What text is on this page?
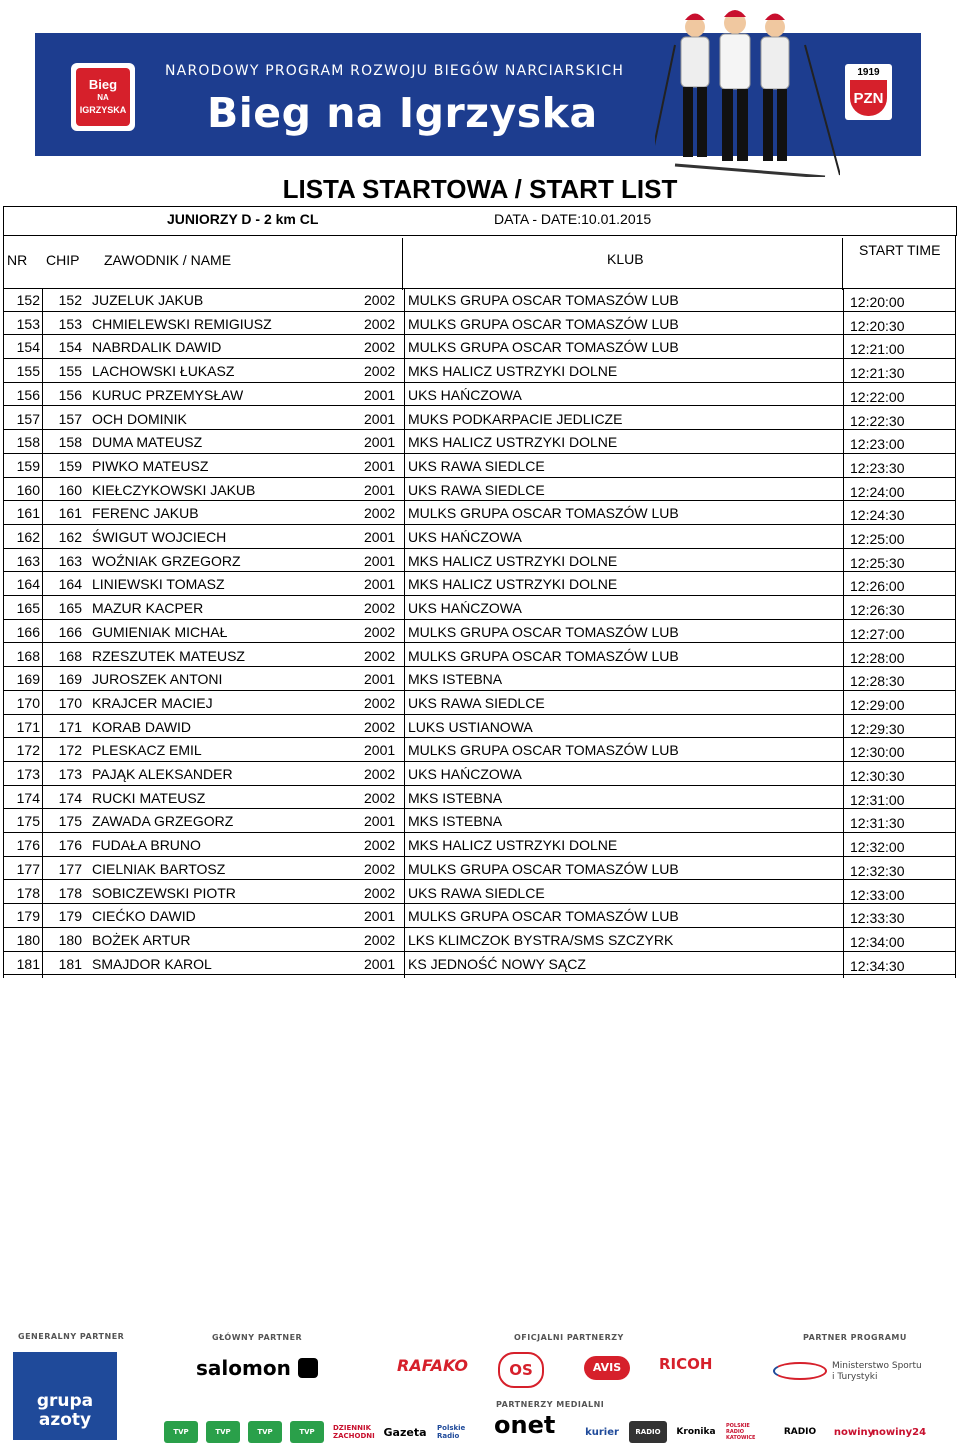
Bieg
NA
IGRZYSKA
NARODOWY PROGRAM ROZWOJU BIEGÓW NARCIARSKICH
Bieg na Igrzyska
1919
PZN
LISTA STARTOWA / START LIST
JUNIORZY D - 2 km CL	DATA - DATE:10.01.2015
NR CHIP ZAWODNIK / NAME	KLUB
START TIME
152	152 JUZELUK JAKUB	2002 MULKS GRUPA OSCAR TOMASZÓW LUB	12:20:00
153	153 CHMIELEWSKI REMIGIUSZ	2002 MULKS GRUPA OSCAR TOMASZÓW LUB	12:20:30
154	154 NABRDALIK DAWID	2002 MULKS GRUPA OSCAR TOMASZÓW LUB	12:21:00
155	155 LACHOWSKI ŁUKASZ	2002 MKS HALICZ USTRZYKI DOLNE	12:21:30
156	156 KURUC PRZEMYSŁAW	2001 UKS HAŃCZOWA	12:22:00
157	157 OCH DOMINIK	2001 MUKS PODKARPACIE JEDLICZE	12:22:30
158	158 DUMA MATEUSZ	2001 MKS HALICZ USTRZYKI DOLNE	12:23:00
159	159 PIWKO MATEUSZ	2001 UKS RAWA SIEDLCE	12:23:30
160	160 KIEŁCZYKOWSKI JAKUB	2001 UKS RAWA SIEDLCE	12:24:00
161	161 FERENC JAKUB	2002 MULKS GRUPA OSCAR TOMASZÓW LUB	12:24:30
162	162 ŚWIGUT WOJCIECH	2001 UKS HAŃCZOWA	12:25:00
163	163 WOŹNIAK GRZEGORZ	2001 MKS HALICZ USTRZYKI DOLNE	12:25:30
164	164 LINIEWSKI TOMASZ	2001 MKS HALICZ USTRZYKI DOLNE	12:26:00
165	165 MAZUR KACPER	2002 UKS HAŃCZOWA	12:26:30
166	166 GUMIENIAK MICHAŁ	2002 MULKS GRUPA OSCAR TOMASZÓW LUB	12:27:00
168	168 RZESZUTEK MATEUSZ	2002 MULKS GRUPA OSCAR TOMASZÓW LUB	12:28:00
169	169 JUROSZEK ANTONI	2001 MKS ISTEBNA	12:28:30
170	170 KRAJCER MACIEJ	2002 UKS RAWA SIEDLCE	12:29:00
171	171 KORAB DAWID	2002 LUKS USTIANOWA	12:29:30
172	172 PLESKACZ EMIL	2001 MULKS GRUPA OSCAR TOMASZÓW LUB	12:30:00
173	173 PAJĄK ALEKSANDER	2002 UKS HAŃCZOWA	12:30:30
174	174 RUCKI MATEUSZ	2002 MKS ISTEBNA	12:31:00
175	175 ZAWADA GRZEGORZ	2001 MKS ISTEBNA	12:31:30
176	176 FUDAŁA BRUNO	2002 MKS HALICZ USTRZYKI DOLNE	12:32:00
177	177 CIELNIAK BARTOSZ	2002 MULKS GRUPA OSCAR TOMASZÓW LUB	12:32:30
178	178 SOBICZEWSKI PIOTR	2002 UKS RAWA SIEDLCE	12:33:00
179	179 CIEĆKO DAWID	2001 MULKS GRUPA OSCAR TOMASZÓW LUB	12:33:30
180	180 BOŻEK ARTUR	2002 LKS KLIMCZOK BYSTRA/SMS SZCZYRK	12:34:00
181	181 SMAJDOR KAROL	2001 KS JEDNOŚĆ NOWY SĄCZ	12:34:30
GENERALNY PARTNER
grupa azoty
GŁÓWNY PARTNER
salomon
OFICJALNI PARTNERZY
RAFAKO	OS	AVIS	RICOH
PARTNER PROGRAMU
Ministerstwo Sportu i Turystyki
PARTNERZY MEDIALNI
TVP	TVP	TVP	TVP	DZIENNIK ZACHODNI Gazeta	Polskie Radio	onet	kurier	RADIO	Kronika
POLSKIE RADIO KATOWICE
RADIO	nowiny
nowiny24
